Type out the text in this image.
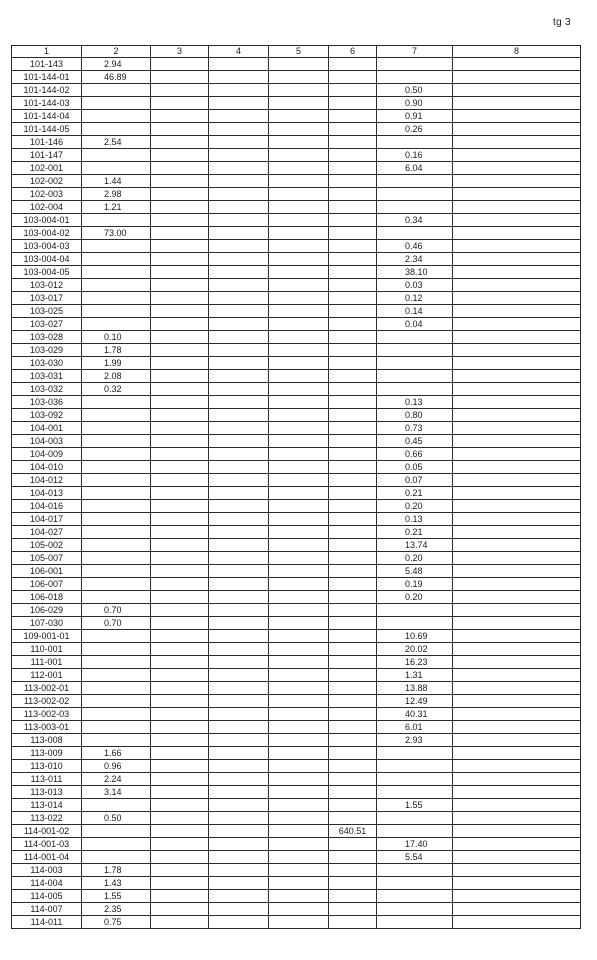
tg 3
1	2	3	4	5	6	7	8
101-143	2.94						
101-144-01	46.89						
101-144-02						0.50	
101-144-03						0.90	
101-144-04						0.91	
101-144-05						0.26	
101-146	2.54						
101-147						0.16	
102-001						6.04	
102-002	1.44						
102-003	2.98						
102-004	1.21						
103-004-01						0.34	
103-004-02	73.00						
103-004-03						0.46	
103-004-04						2.34	
103-004-05						38.10	
103-012						0.03	
103-017						0.12	
103-025						0.14	
103-027						0.04	
103-028	0.10						
103-029	1.78						
103-030	1.99						
103-031	2.08						
103-032	0.32						
103-036						0.13	
103-092						0.80	
104-001						0.73	
104-003						0.45	
104-009						0.66	
104-010						0.05	
104-012						0.07	
104-013						0.21	
104-016						0.20	
104-017						0.13	
104-027						0.21	
105-002						13.74	
105-007						0.20	
106-001						5.48	
106-007						0.19	
106-018						0.20	
106-029	0.70						
107-030	0.70						
109-001-01						10.69	
110-001						20.02	
111-001						16.23	
112-001						1.31	
113-002-01						13.88	
113-002-02						12.49	
113-002-03						40.31	
113-003-01						6.01	
113-008						2.93	
113-009	1.66						
113-010	0.96						
113-011	2.24						
113-013	3.14						
113-014						1.55	
113-022	0.50						
114-001-02					640.51		
114-001-03						17.40	
114-001-04						5.54	
114-003	1.78						
114-004	1.43						
114-005	1.55						
114-007	2.35						
114-011	0.75						
